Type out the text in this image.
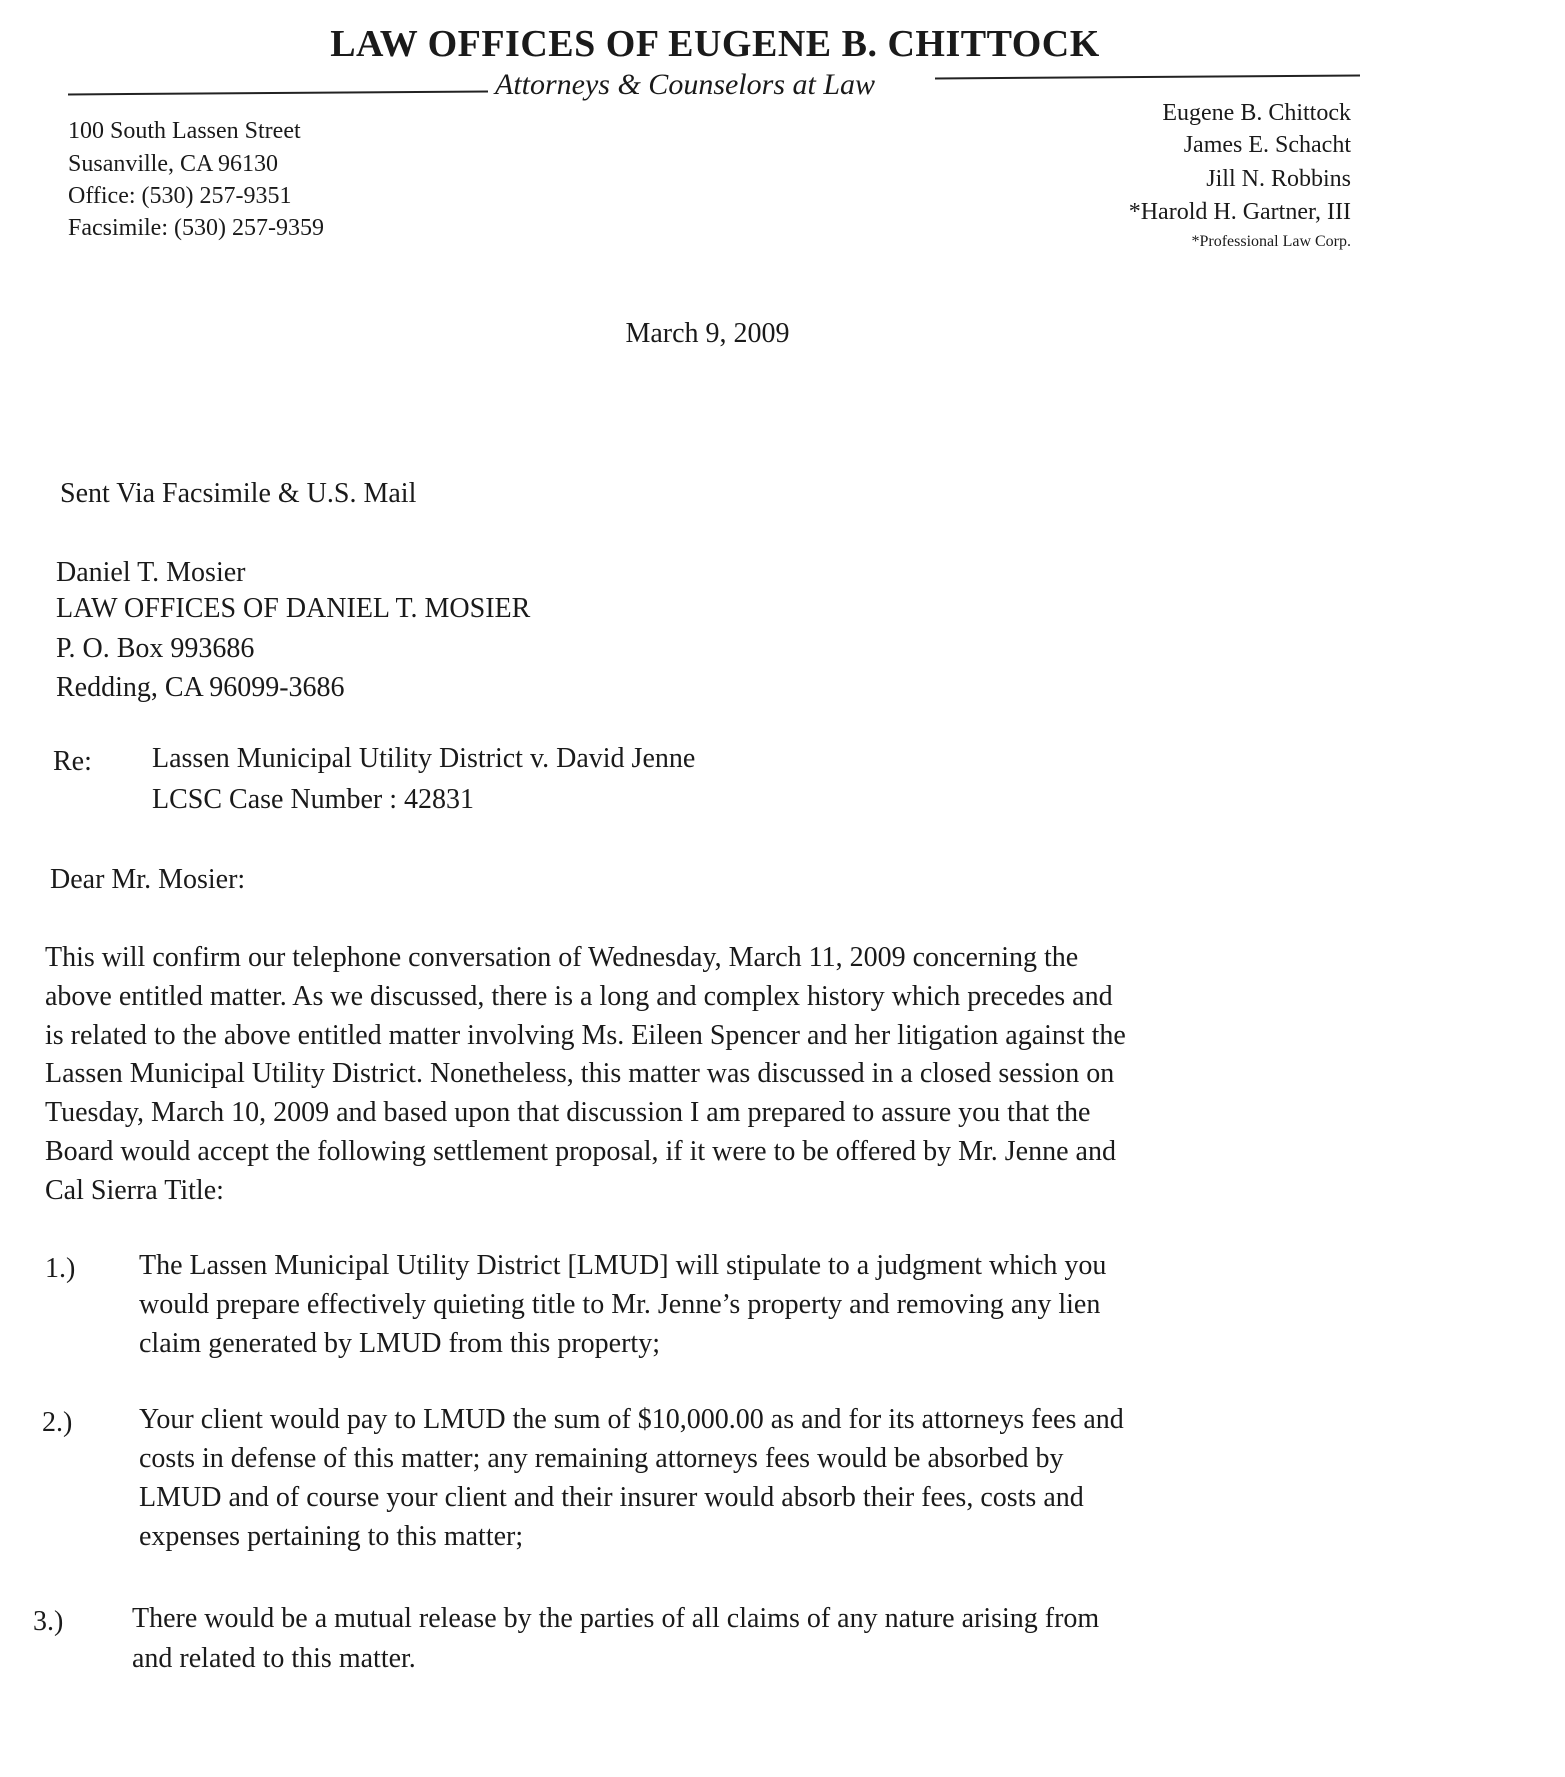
LAW OFFICES OF EUGENE B. CHITTOCK
Attorneys & Counselors at Law
100 South Lassen Street
Susanville, CA 96130
Office: (530) 257-9351
Facsimile: (530) 257-9359
Eugene B. Chittock
James E. Schacht
Jill N. Robbins
*Harold H. Gartner, III
*Professional Law Corp.
March 9, 2009
Sent Via Facsimile & U.S. Mail
Daniel T. Mosier
LAW OFFICES OF DANIEL T. MOSIER
P. O. Box 993686
Redding, CA 96099-3686
Re: Lassen Municipal Utility District v. David Jenne
LCSC Case Number : 42831
Dear Mr. Mosier:
This will confirm our telephone conversation of Wednesday, March 11, 2009 concerning the
above entitled matter. As we discussed, there is a long and complex history which precedes and
is related to the above entitled matter involving Ms. Eileen Spencer and her litigation against the
Lassen Municipal Utility District. Nonetheless, this matter was discussed in a closed session on
Tuesday, March 10, 2009 and based upon that discussion I am prepared to assure you that the
Board would accept the following settlement proposal, if it were to be offered by Mr. Jenne and
Cal Sierra Title:
1.) The Lassen Municipal Utility District [LMUD] will stipulate to a judgment which you
would prepare effectively quieting title to Mr. Jenne’s property and removing any lien
claim generated by LMUD from this property;
2.) Your client would pay to LMUD the sum of $10,000.00 as and for its attorneys fees and
costs in defense of this matter; any remaining attorneys fees would be absorbed by
LMUD and of course your client and their insurer would absorb their fees, costs and
expenses pertaining to this matter;
3.) There would be a mutual release by the parties of all claims of any nature arising from
and related to this matter.
